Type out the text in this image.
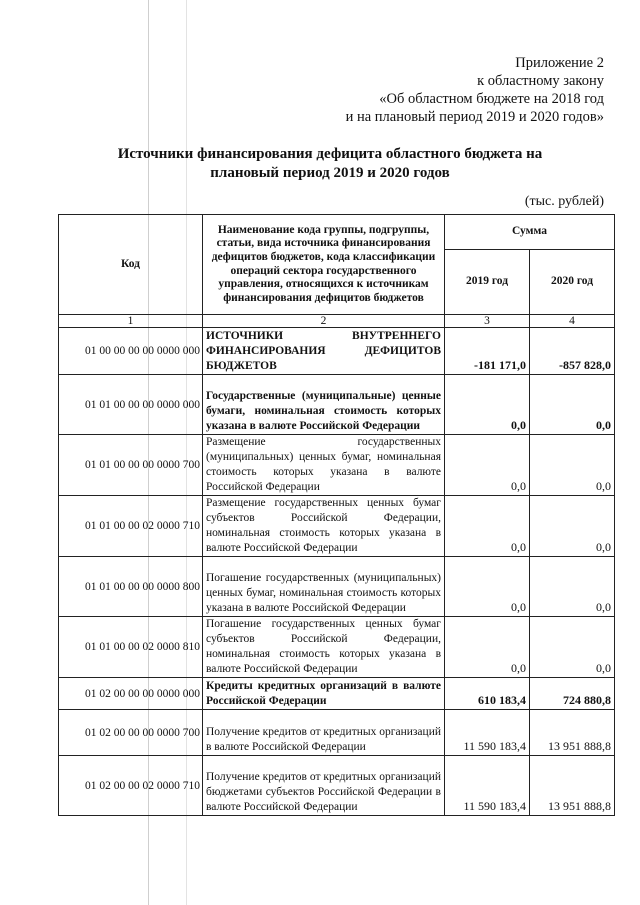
Приложение 2
к областному закону
«Об областном бюджете на 2018 год
и на плановый период 2019 и 2020 годов»
Источники финансирования дефицита областного бюджета на
плановый период 2019 и 2020 годов
(тыс. рублей)
Код	Наименование кода группы, подгруппы, статьи, вида источника финансирования дефицитов бюджетов, кода классификации операций сектора государственного управления, относящихся к источникам финансирования дефицитов бюджетов	Сумма	
		2019 год	2020 год
1	2	3	4
01 00 00 00 00 0000 000	ИСТОЧНИКИ ВНУТРЕННЕГО ФИНАНСИРОВАНИЯ ДЕФИЦИТОВ БЮДЖЕТОВ	-181 171,0	-857 828,0
01 01 00 00 00 0000 000	Государственные (муниципальные) ценные бумаги, номинальная стоимость которых указана в валюте Российской Федерации	0,0	0,0
01 01 00 00 00 0000 700	Размещение государственных (муниципальных) ценных бумаг, номинальная стоимость которых указана в валюте Российской Федерации	0,0	0,0
01 01 00 00 02 0000 710	Размещение государственных ценных бумаг субъектов Российской Федерации, номинальная стоимость которых указана в валюте Российской Федерации	0,0	0,0
01 01 00 00 00 0000 800	Погашение государственных (муниципальных) ценных бумаг, номинальная стоимость которых указана в валюте Российской Федерации	0,0	0,0
01 01 00 00 02 0000 810	Погашение государственных ценных бумаг субъектов Российской Федерации, номинальная стоимость которых указана в валюте Российской Федерации	0,0	0,0
01 02 00 00 00 0000 000	Кредиты кредитных организаций в валюте Российской Федерации	610 183,4	724 880,8
01 02 00 00 00 0000 700	Получение кредитов от кредитных организаций в валюте Российской Федерации	11 590 183,4	13 951 888,8
01 02 00 00 02 0000 710	Получение кредитов от кредитных организаций бюджетами субъектов Российской Федерации в валюте Российской Федерации	11 590 183,4	13 951 888,8
